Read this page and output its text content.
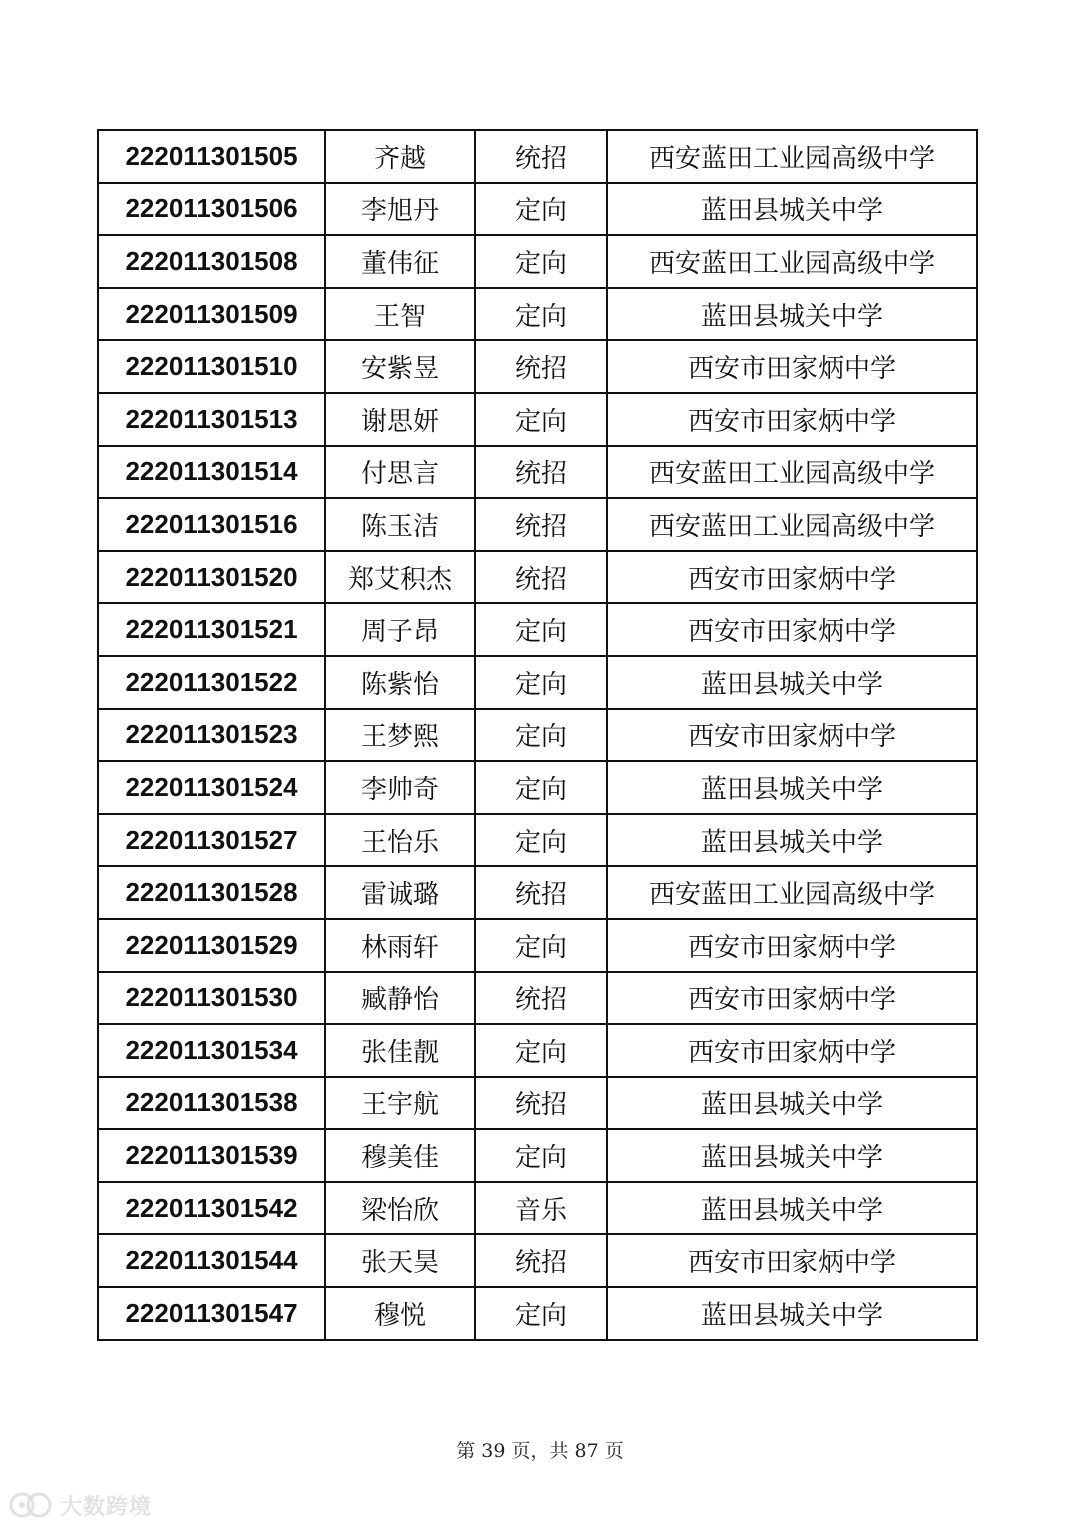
222011301505	齐越	统招	西安蓝田工业园高级中学
222011301506	李旭丹	定向	蓝田县城关中学
222011301508	董伟征	定向	西安蓝田工业园高级中学
222011301509	王智	定向	蓝田县城关中学
222011301510	安紫昱	统招	西安市田家炳中学
222011301513	谢思妍	定向	西安市田家炳中学
222011301514	付思言	统招	西安蓝田工业园高级中学
222011301516	陈玉洁	统招	西安蓝田工业园高级中学
222011301520	郑艾积杰	统招	西安市田家炳中学
222011301521	周子昂	定向	西安市田家炳中学
222011301522	陈紫怡	定向	蓝田县城关中学
222011301523	王梦熙	定向	西安市田家炳中学
222011301524	李帅奇	定向	蓝田县城关中学
222011301527	王怡乐	定向	蓝田县城关中学
222011301528	雷诚璐	统招	西安蓝田工业园高级中学
222011301529	林雨轩	定向	西安市田家炳中学
222011301530	臧静怡	统招	西安市田家炳中学
222011301534	张佳靓	定向	西安市田家炳中学
222011301538	王宇航	统招	蓝田县城关中学
222011301539	穆美佳	定向	蓝田县城关中学
222011301542	梁怡欣	音乐	蓝田县城关中学
222011301544	张天昊	统招	西安市田家炳中学
222011301547	穆悦	定向	蓝田县城关中学
第 39 页，共 87 页
大数跨境
